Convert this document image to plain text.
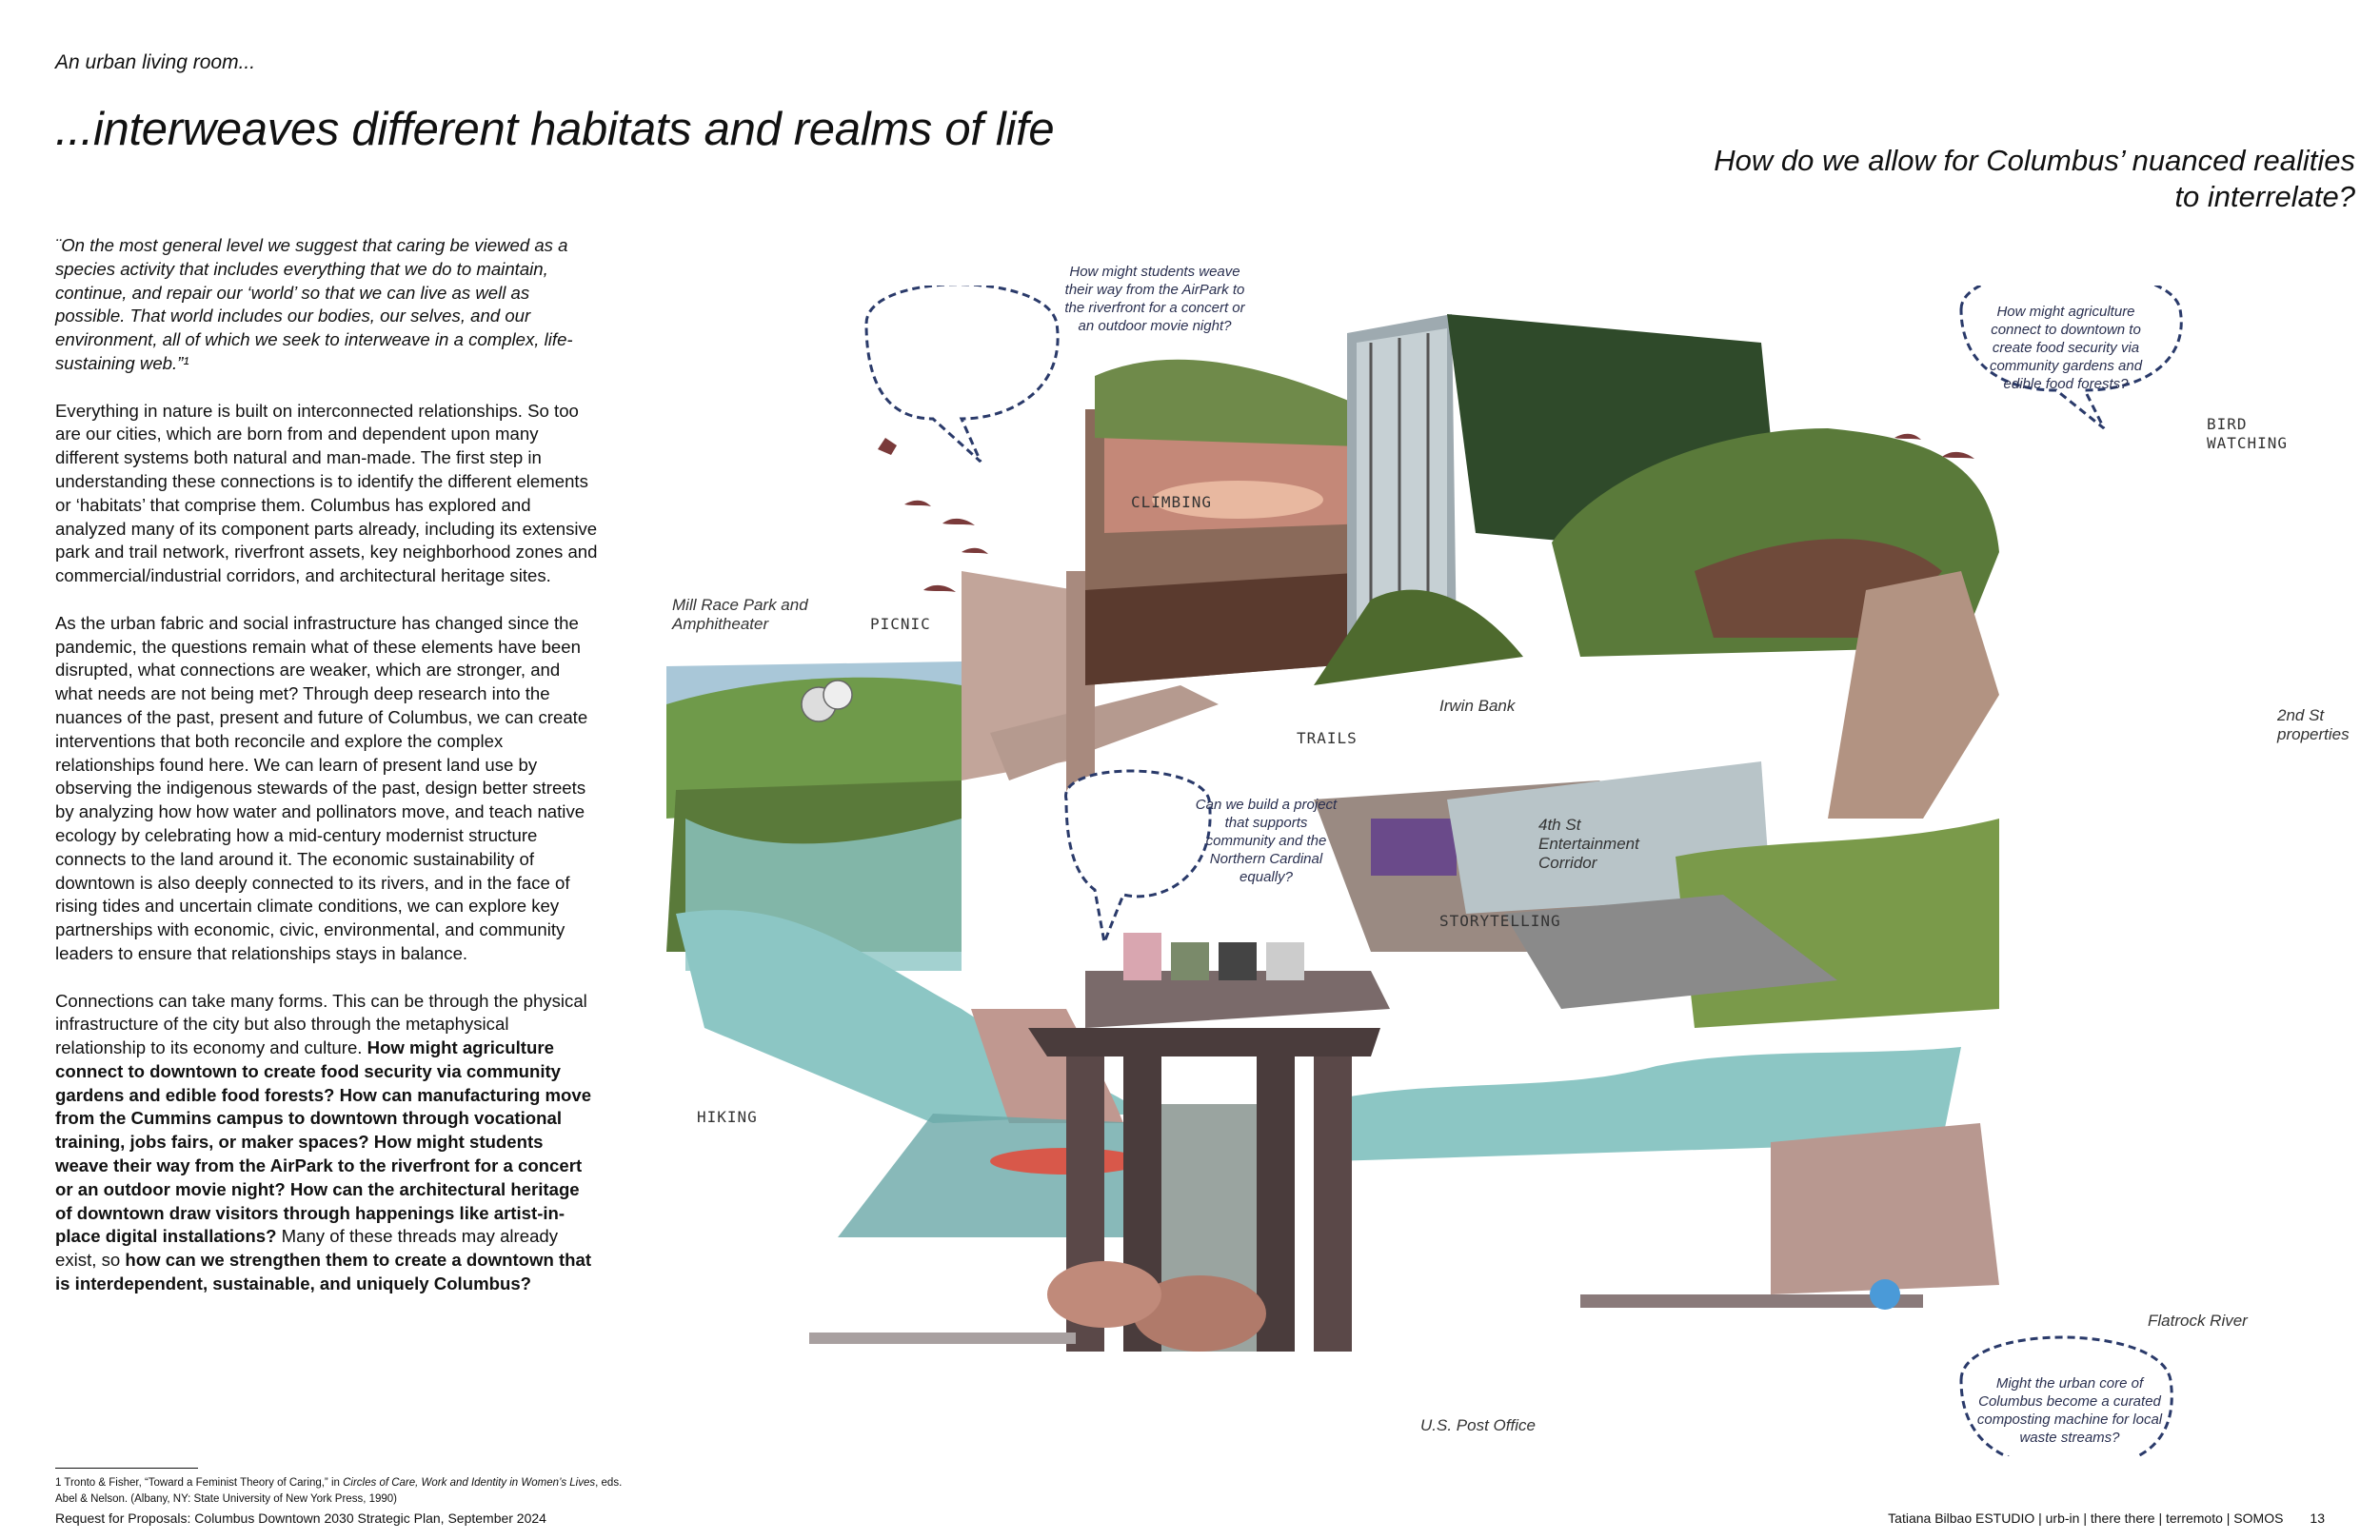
An urban living room...
...interweaves different habitats and realms of life
How do we allow for Columbus’ nuanced realities to interrelate?

¨On the most general level we suggest that caring be viewed as a species activity that includes everything that we do to maintain, continue, and repair our ‘world’ so that we can live as well as possible. That world includes our bodies, our selves, and our environment, all of which we seek to interweave in a complex, life-sustaining web.”¹

Everything in nature is built on interconnected relationships. So too are our cities, which are born from and dependent upon many different systems both natural and man-made. The first step in understanding these connections is to identify the different elements or ‘habitats’ that comprise them. Columbus has explored and analyzed many of its component parts already, including its extensive park and trail network, riverfront assets, key neighborhood zones and commercial/industrial corridors, and architectural heritage sites.

As the urban fabric and social infrastructure has changed since the pandemic, the questions remain what of these elements have been disrupted, what connections are weaker, which are stronger, and what needs are not being met? Through deep research into the nuances of the past, present and future of Columbus, we can create interventions that both reconcile and explore the complex relationships found here. We can learn of present land use by observing the indigenous stewards of the past, design better streets by analyzing how how water and pollinators move, and teach native ecology by celebrating how a mid-century modernist structure connects to the land around it. The economic sustainability of downtown is also deeply connected to its rivers, and in the face of rising tides and uncertain climate conditions, we can explore key partnerships with economic, civic, environmental, and community leaders to ensure that relationships stays in balance.

Connections can take many forms. This can be through the physical infrastructure of the city but also through the metaphysical relationship to its economy and culture. How might agriculture connect to downtown to create food security via community gardens and edible food forests? How can manufacturing move from the Cummins campus to downtown through vocational training, jobs fairs, or maker spaces? How might students weave their way from the AirPark to the riverfront for a concert or an outdoor movie night? How can the architectural heritage of downtown draw visitors through happenings like artist-in-place digital installations? Many of these threads may already exist, so how can we strengthen them to create a downtown that is interdependent, sustainable, and uniquely Columbus?

1 Tronto & Fisher, “Toward a Feminist Theory of Caring,” in Circles of Care, Work and Identity in Women’s Lives, eds. Abel & Nelson. (Albany, NY: State University of New York Press, 1990)
Request for Proposals: Columbus Downtown 2030 Strategic Plan, September 2024	Tatiana Bilbao ESTUDIO | urb-in | there there | terremoto | SOMOS 13
Mill Race Park and Amphitheater
Irwin Bank
2nd St properties
4th St Entertainment Corridor
Flatrock River
U.S. Post Office
CLIMBING
PICNIC
TRAILS
STORYTELLING
HIKING
BIRD
WATCHING
How might students weave their way from the AirPark to the riverfront for a concert or an outdoor movie night?
How might agriculture connect to downtown to create food security via community gardens and edible food forests?
Can we build a project that supports community and the Northern Cardinal equally?
Might the urban core of Columbus become a curated composting machine for local waste streams?
